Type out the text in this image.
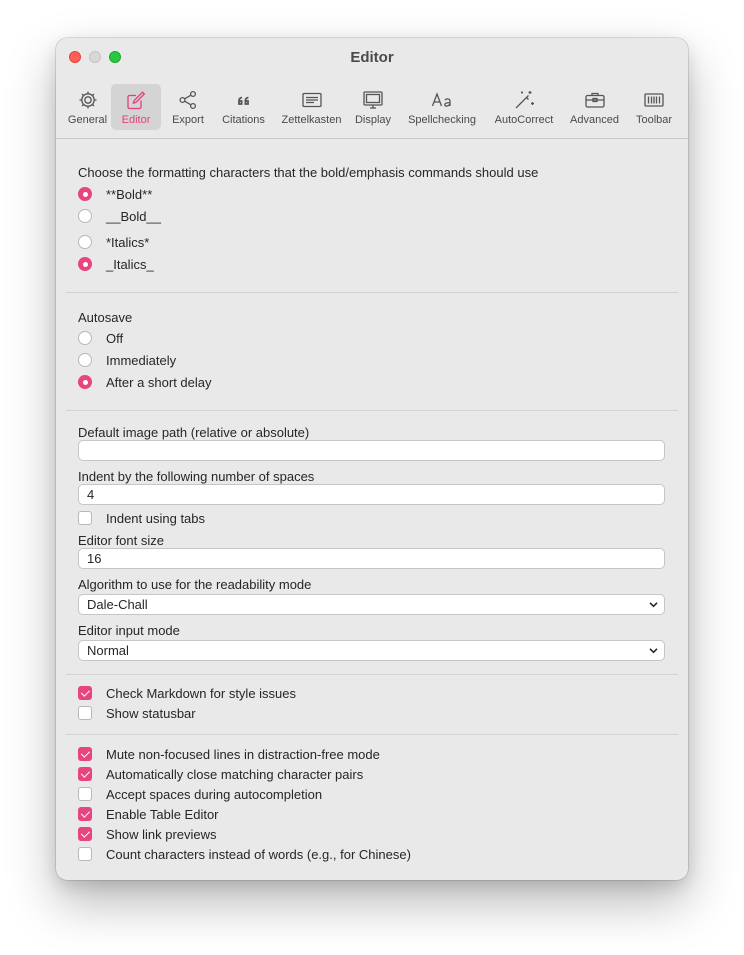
Editor
General Editor Export Citations Zettelkasten Display Spellchecking AutoCorrect Advanced Toolbar
Choose the formatting characters that the bold/emphasis commands should use
**Bold**
__Bold__
*Italics*
_Italics_
Autosave
Off
Immediately
After a short delay
Default image path (relative or absolute)
Indent by the following number of spaces
4
Indent using tabs
Editor font size
16
Algorithm to use for the readability mode
Dale-Chall
Editor input mode
Normal
Check Markdown for style issues
Show statusbar
Mute non-focused lines in distraction-free mode
Automatically close matching character pairs
Accept spaces during autocompletion
Enable Table Editor
Show link previews
Count characters instead of words (e.g., for Chinese)
